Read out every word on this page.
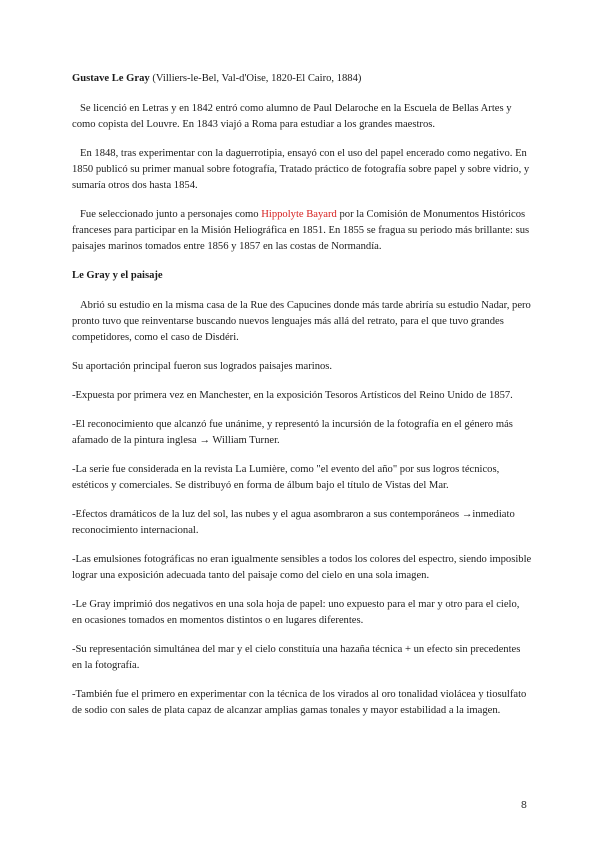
Gustave Le Gray (Villiers-le-Bel, Val-d'Oise, 1820-El Cairo, 1884)

Se licenció en Letras y en 1842 entró como alumno de Paul Delaroche en la Escuela de Bellas Artes y como copista del Louvre. En 1843 viajó a Roma para estudiar a los grandes maestros.

En 1848, tras experimentar con la daguerrotipia, ensayó con el uso del papel encerado como negativo. En 1850 publicó su primer manual sobre fotografía, Tratado práctico de fotografía sobre papel y sobre vidrio, y sumaría otros dos hasta 1854.

Fue seleccionado junto a personajes como Hippolyte Bayard por la Comisión de Monumentos Históricos franceses para participar en la Misión Heliográfica en 1851. En 1855 se fragua su periodo más brillante: sus paisajes marinos tomados entre 1856 y 1857 en las costas de Normandía.

Le Gray y el paisaje

Abrió su estudio en la misma casa de la Rue des Capucines donde más tarde abriría su estudio Nadar, pero pronto tuvo que reinventarse buscando nuevos lenguajes más allá del retrato, para el que tuvo grandes competidores, como el caso de Disdéri.

Su aportación principal fueron sus logrados paisajes marinos.

-Expuesta por primera vez en Manchester, en la exposición Tesoros Artísticos del Reino Unido de 1857.

-El reconocimiento que alcanzó fue unánime, y representó la incursión de la fotografía en el género más afamado de la pintura inglesa → William Turner.

-La serie fue considerada en la revista La Lumière, como "el evento del año" por sus logros técnicos, estéticos y comerciales. Se distribuyó en forma de álbum bajo el título de Vistas del Mar.

-Efectos dramáticos de la luz del sol, las nubes y el agua asombraron a sus contemporáneos →inmediato reconocimiento internacional.

-Las emulsiones fotográficas no eran igualmente sensibles a todos los colores del espectro, siendo imposible lograr una exposición adecuada tanto del paisaje como del cielo en una sola imagen.

-Le Gray imprimió dos negativos en una sola hoja de papel: uno expuesto para el mar y otro para el cielo, en ocasiones tomados en momentos distintos o en lugares diferentes.

-Su representación simultánea del mar y el cielo constituía una hazaña técnica + un efecto sin precedentes en la fotografía.

-También fue el primero en experimentar con la técnica de los virados al oro tonalidad violácea y tiosulfato de sodio con sales de plata capaz de alcanzar amplias gamas tonales y mayor estabilidad a la imagen.

8
